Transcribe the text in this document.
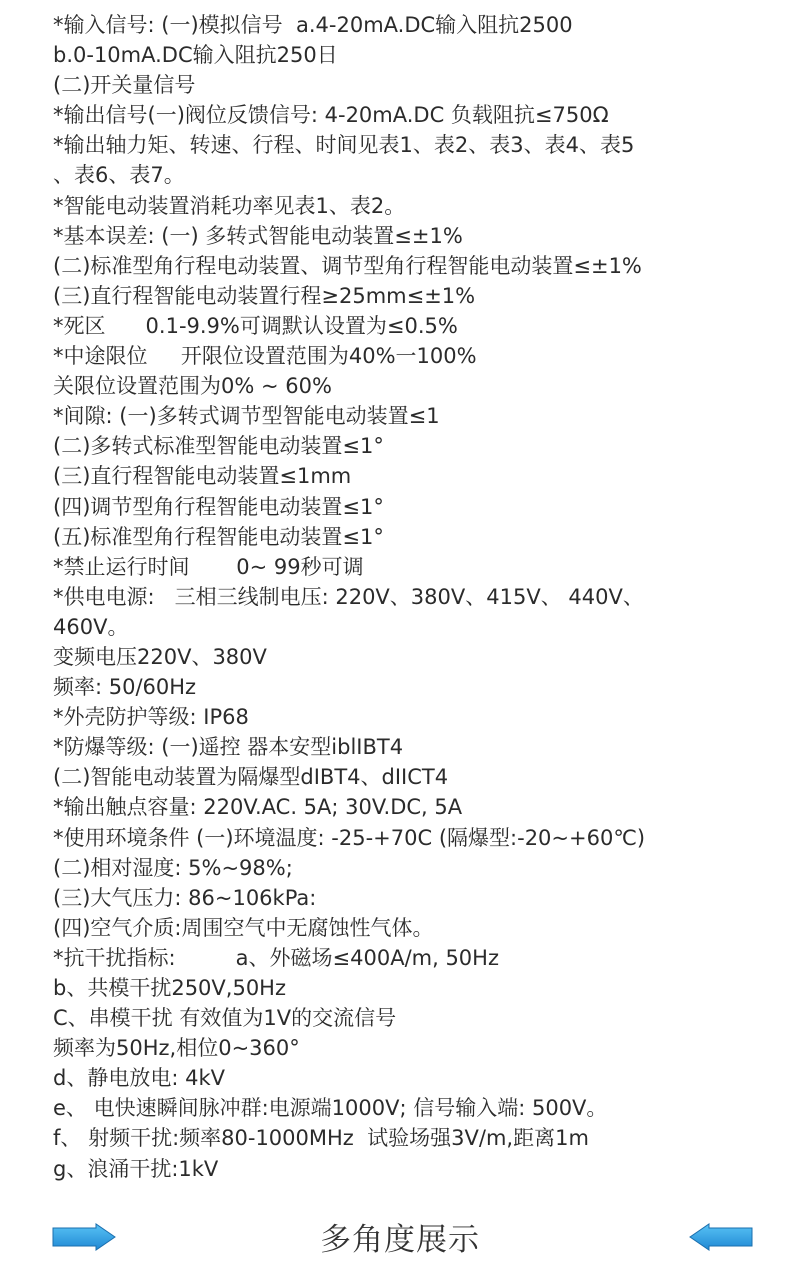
*输入信号: (一)模拟信号  a.4-20mA.DC输入阻抗2500
b.0-10mA.DC输入阻抗250日
(二)开关量信号
*输出信号(一)阀位反馈信号: 4-20mA.DC 负载阻抗≤750Ω
*输出轴力矩、转速、行程、时间见表1、表2、表3、表4、表5
、表6、表7。
*智能电动装置消耗功率见表1、表2。
*基本误差: (一) 多转式智能电动装置≤±1%
(二)标准型角行程电动装置、调节型角行程智能电动装置≤±1%
(三)直行程智能电动装置行程≥25mm≤±1%
*死区      0.1-9.9%可调默认设置为≤0.5%
*中途限位     开限位设置范围为40%一100%
关限位设置范围为0% ~ 60%
*间隙: (一)多转式调节型智能电动装置≤1
(二)多转式标准型智能电动装置≤1°
(三)直行程智能电动装置≤1mm
(四)调节型角行程智能电动装置≤1°
(五)标准型角行程智能电动装置≤1°
*禁止运行时间       0~ 99秒可调
*供电电源:   三相三线制电压: 220V、380V、415V、 440V、
460V。
变频电压220V、380V
频率: 50/60Hz
*外壳防护等级: IP68
*防爆等级: (一)遥控 器本安型iblIBT4
(二)智能电动装置为隔爆型dIBT4、dIICT4
*输出触点容量: 220V.AC. 5A; 30V.DC, 5A
*使用环境条件 (一)环境温度: -25-+70C (隔爆型:-20~+60℃)
(二)相对湿度: 5%~98%;
(三)大气压力: 86~106kPa:
(四)空气介质:周围空气中无腐蚀性气体。
*抗干扰指标:         a、外磁场≤400A/m, 50Hz
b、共模干扰250V,50Hz
C、串模干扰 有效值为1V的交流信号
频率为50Hz,相位0~360°
d、静电放电: 4kV
e、 电快速瞬间脉冲群:电源端1000V; 信号输入端: 500V。
f、 射频干扰:频率80-1000MHz  试验场强3V/m,距离1m
g、浪涌干扰:1kV
多角度展示
